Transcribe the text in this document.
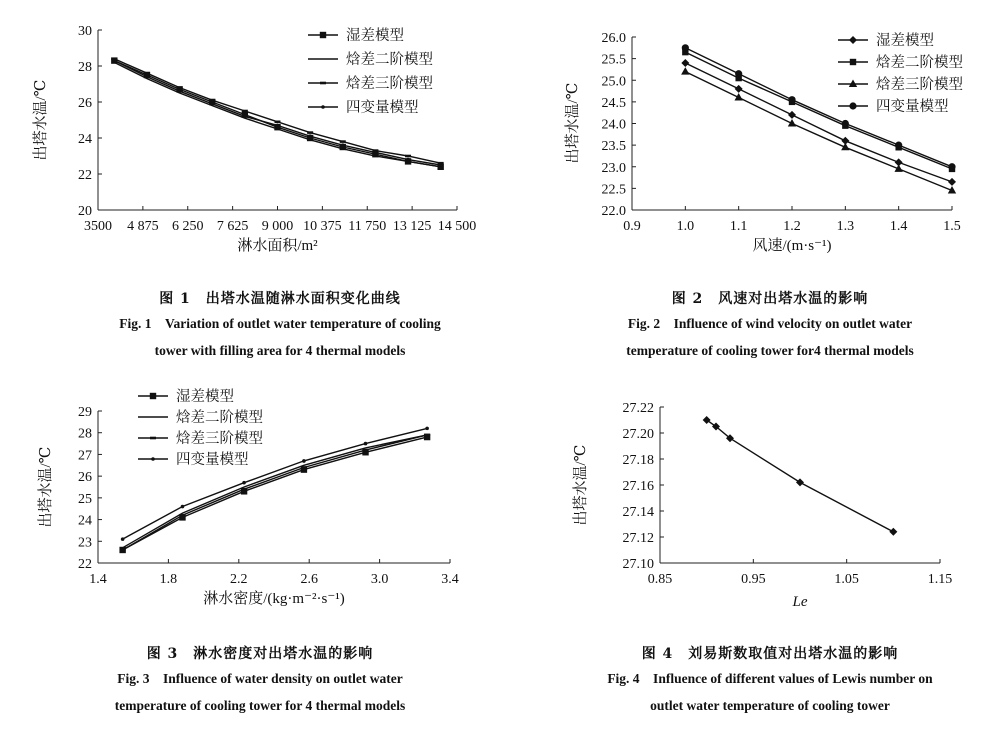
20
22
24
26
28
30
3500 4 875 6 250 7 625 9 000 10 375 11 750 13 125 14 500
淋水面积/m²
出塔水温/℃
湿差模型
焓差二阶模型
焓差三阶模型
四变量模型
22.0
22.5
23.0
23.5
24.0
24.5
25.0
25.5
26.0
0.9	1.0	1.1	1.2	1.3	1.4	1.5
风速/(m·s⁻¹)
出塔水温/℃
湿差模型
焓差二阶模型
焓差三阶模型
四变量模型
22
23
24
25
26
27
28
29
1.4	1.8	2.2	2.6	3.0	3.4
淋水密度/(kg·m⁻²·s⁻¹)
出塔水温/℃
湿差模型
焓差二阶模型
焓差三阶模型
四变量模型
27.10
27.12
27.14
27.16
27.18
27.20
27.22
0.85	0.95	1.05	1.15
Le
出塔水温/℃
图 1　出塔水温随淋水面积变化曲线
Fig. 1　Variation of outlet water temperature of cooling
tower with filling area for 4 thermal models
图 2　风速对出塔水温的影响
Fig. 2　Influence of wind velocity on outlet water
temperature of cooling tower for4 thermal models
图 3　淋水密度对出塔水温的影响
Fig. 3　Influence of water density on outlet water
temperature of cooling tower for 4 thermal models
图 4　刘易斯数取值对出塔水温的影响
Fig. 4　Influence of different values of Lewis number on
outlet water temperature of cooling tower
